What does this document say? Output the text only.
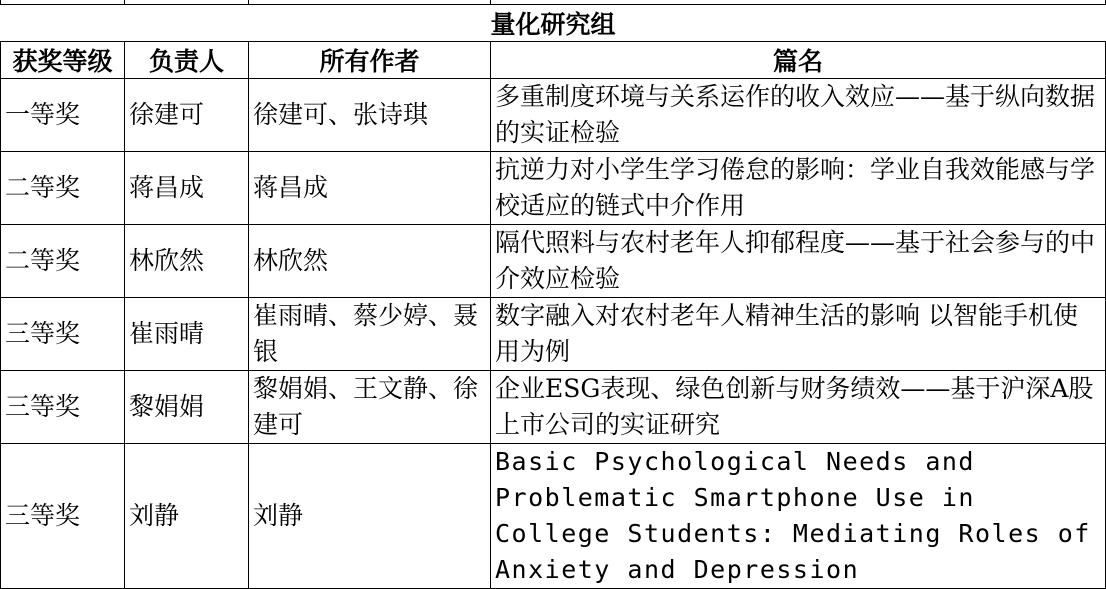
量化研究组			
获奖等级	负责人	所有作者	篇名
一等奖	徐建可	徐建可、张诗琪	多重制度环境与关系运作的收入效应——基于纵向数据的实证检验
二等奖	蒋昌成	蒋昌成	抗逆力对小学生学习倦怠的影响：学业自我效能感与学校适应的链式中介作用
二等奖	林欣然	林欣然	隔代照料与农村老年人抑郁程度——基于社会参与的中介效应检验
三等奖	崔雨晴	崔雨晴、蔡少婷、聂银	数字融入对农村老年人精神生活的影响 以智能手机使用为例
三等奖	黎娟娟	黎娟娟、王文静、徐建可	企业ESG表现、绿色创新与财务绩效——基于沪深A股上市公司的实证研究
三等奖	刘静	刘静	Basic Psychological Needs and Problematic Smartphone Use in College Students: Mediating Roles of Anxiety and Depression
